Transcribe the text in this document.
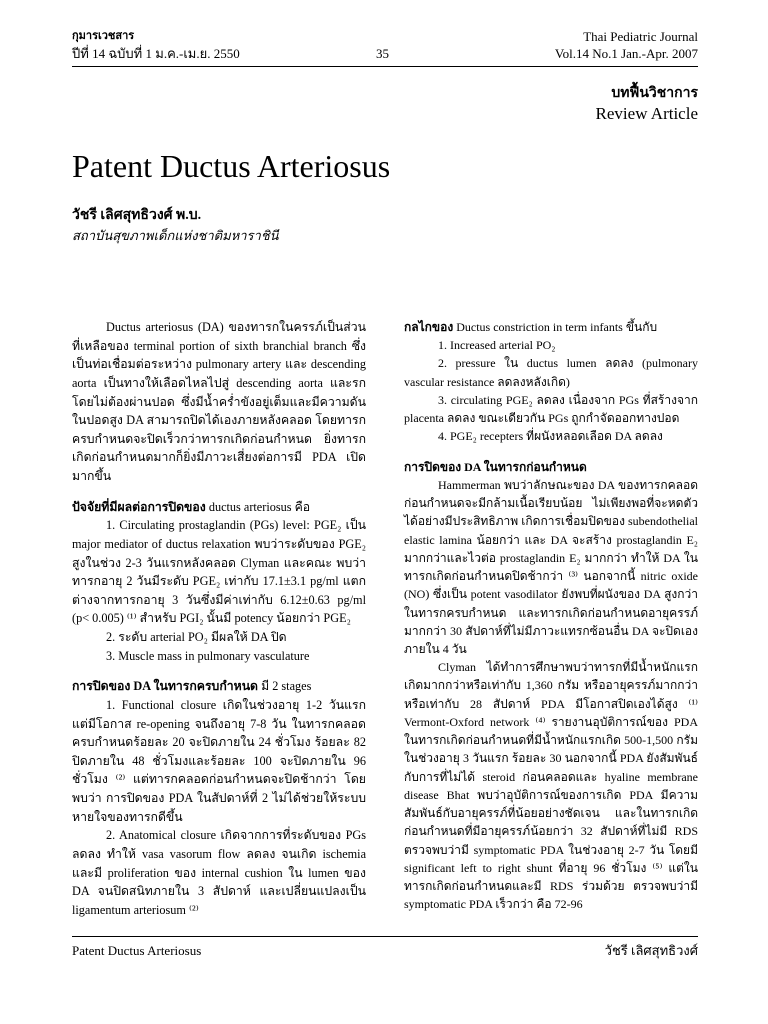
กุมารเวชสาร
ปีที่ 14 ฉบับที่ 1 ม.ค.-เม.ย. 2550	35
Thai Pediatric Journal
Vol.14 No.1 Jan.-Apr. 2007
บทฟื้นวิชาการ
Review Article
Patent Ductus Arteriosus
วัชรี เลิศสุทธิวงศ์ พ.บ.
สถาบันสุขภาพเด็กแห่งชาติมหาราชินี

Ductus arteriosus (DA) ของทารกในครรภ์เป็นส่วนที่เหลือของ terminal portion of sixth branchial branch ซึ่งเป็นท่อเชื่อมต่อระหว่าง pulmonary artery และ descending aorta เป็นทางให้เลือดไหลไปสู่ descending aorta และรกโดยไม่ต้องผ่านปอด ซึ่งมีน้ำคร่ำขังอยู่เต็มและมีความดันในปอดสูง DA สามารถปิดได้เองภายหลังคลอด โดยทารกครบกำหนดจะปิดเร็วกว่าทารกเกิดก่อนกำหนด ยิ่งทารกเกิดก่อนกำหนดมากก็ยิ่งมีภาวะเสี่ยงต่อการมี PDA เปิดมากขึ้น

ปัจจัยที่มีผลต่อการปิดของ ductus arteriosus คือ

1. Circulating prostaglandin (PGs) level: PGE₂ เป็น major mediator of ductus relaxation พบว่าระดับของ PGE₂ สูงในช่วง 2-3 วันแรกหลังคลอด Clyman และคณะ พบว่าทารกอายุ 2 วันมีระดับ PGE₂ เท่ากับ 17.1±3.1 pg/ml แตกต่างจากทารกอายุ 3 วันซึ่งมีค่าเท่ากับ 6.12±0.63 pg/ml (p< 0.005) ⁽¹⁾ สำหรับ PGI₂ นั้นมี potency น้อยกว่า PGE₂

2. ระดับ arterial PO₂ มีผลให้ DA ปิด

3. Muscle mass in pulmonary vasculature

การปิดของ DA ในทารกครบกำหนด มี 2 stages

1. Functional closure เกิดในช่วงอายุ 1-2 วันแรก แต่มีโอกาส re-opening จนถึงอายุ 7-8 วัน ในทารกคลอดครบกำหนดร้อยละ 20 จะปิดภายใน 24 ชั่วโมง ร้อยละ 82 ปิดภายใน 48 ชั่วโมงและร้อยละ 100 จะปิดภายใน 96 ชั่วโมง ⁽²⁾ แต่ทารกคลอดก่อนกำหนดจะปิดช้ากว่า โดยพบว่า การปิดของ PDA ในสัปดาห์ที่ 2 ไม่ได้ช่วยให้ระบบหายใจของทารกดีขึ้น

2. Anatomical closure เกิดจากการที่ระดับของ PGs ลดลง ทำให้ vasa vasorum flow ลดลง จนเกิด ischemia และมี proliferation ของ internal cushion ใน lumen ของ DA จนปิดสนิทภายใน 3 สัปดาห์ และเปลี่ยนแปลงเป็น ligamentum arteriosum ⁽²⁾

กลไกของ Ductus constriction in term infants ขึ้นกับ

1. Increased arterial PO₂

2. pressure ใน ductus lumen ลดลง (pulmonary vascular resistance ลดลงหลังเกิด)

3. circulating PGE₂ ลดลง เนื่องจาก PGs ที่สร้างจาก placenta ลดลง ขณะเดียวกัน PGs ถูกกำจัดออกทางปอด

4. PGE₂ recepters ที่ผนังหลอดเลือด DA ลดลง

การปิดของ DA ในทารกก่อนกำหนด

Hammerman พบว่าลักษณะของ DA ของทารกคลอดก่อนกำหนดจะมีกล้ามเนื้อเรียบน้อย ไม่เพียงพอที่จะหดตัวได้อย่างมีประสิทธิภาพ เกิดการเชื่อมปิดของ subendothelial elastic lamina น้อยกว่า และ DA จะสร้าง prostaglandin E₂ มากกว่าและไวต่อ prostaglandin E₂ มากกว่า ทำให้ DA ในทารกเกิดก่อนกำหนดปิดช้ากว่า ⁽³⁾ นอกจากนี้ nitric oxide (NO) ซึ่งเป็น potent vasodilator ยังพบที่ผนังของ DA สูงกว่าในทารกครบกำหนด และทารกเกิดก่อนกำหนดอายุครรภ์มากกว่า 30 สัปดาห์ที่ไม่มีภาวะแทรกซ้อนอื่น DA จะปิดเองภายใน 4 วัน

Clyman ได้ทำการศึกษาพบว่าทารกที่มีน้ำหนักแรกเกิดมากกว่าหรือเท่ากับ 1,360 กรัม หรืออายุครรภ์มากกว่าหรือเท่ากับ 28 สัปดาห์ PDA มีโอกาสปิดเองได้สูง ⁽¹⁾ Vermont-Oxford network ⁽⁴⁾ รายงานอุบัติการณ์ของ PDA ในทารกเกิดก่อนกำหนดที่มีน้ำหนักแรกเกิด 500-1,500 กรัม ในช่วงอายุ 3 วันแรก ร้อยละ 30 นอกจากนี้ PDA ยังสัมพันธ์กับการที่ไม่ได้ steroid ก่อนคลอดและ hyaline membrane disease Bhat พบว่าอุบัติการณ์ของการเกิด PDA มีความสัมพันธ์กับอายุครรภ์ที่น้อยอย่างชัดเจน และในทารกเกิดก่อนกำหนดที่มีอายุครรภ์น้อยกว่า 32 สัปดาห์ที่ไม่มี RDS ตรวจพบว่ามี symptomatic PDA ในช่วงอายุ 2-7 วัน โดยมี significant left to right shunt ที่อายุ 96 ชั่วโมง ⁽⁵⁾ แต่ในทารกเกิดก่อนกำหนดและมี RDS ร่วมด้วย ตรวจพบว่ามี symptomatic PDA เร็วกว่า คือ 72-96

Patent Ductus Arteriosus	วัชรี เลิศสุทธิวงศ์
